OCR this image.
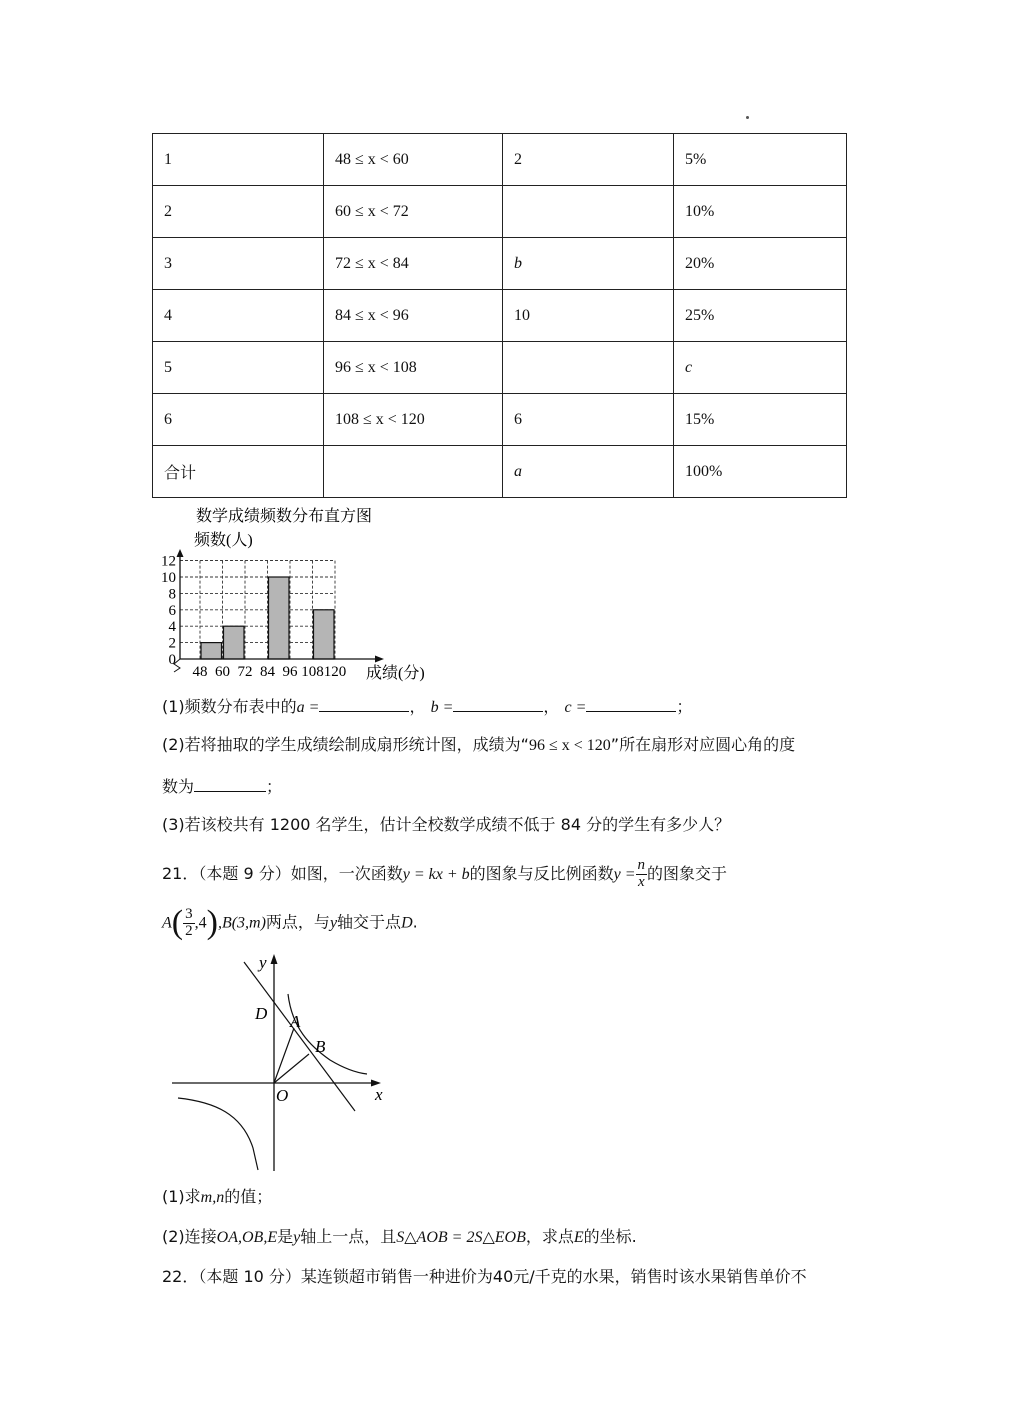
1	48 ≤ x < 60	2	5%
2	60 ≤ x < 72		10%
3	72 ≤ x < 84	b	20%
4	84 ≤ x < 96	10	25%
5	96 ≤ x < 108		c
6	108 ≤ x < 120	6	15%
合计		a	100%
数学成绩频数分布直方图
频数(人)
0
2
4
6
8
10
12
48 60 72 84 96 108 120 成绩(分)
(1)频数分布表中的a =	， b =	， c =	；
(2)若将抽取的学生成绩绘制成扇形统计图，成绩为“96 ≤ x < 120”所在扇形对应圆心角的度
数为	；
(3)若该校共有 1200 名学生，估计全校数学成绩不低于 84 分的学生有多少人？
21．（本题 9 分）如图，一次函数y = kx + b的图象与反比例函数$y = \frac{n}{x}$ 的图象交于
$A( \frac{3}{2} ,4),B(3,m)$两点，与y轴交于点D.
y
x
O
A
B
D
(1)求m,n的值；
(2)连接OA,OB,E是y轴上一点，且S△AOB = 2S△EOB，求点E的坐标.
22．（本题 10 分）某连锁超市销售一种进价为40元/千克的水果，销售时该水果销售单价不
